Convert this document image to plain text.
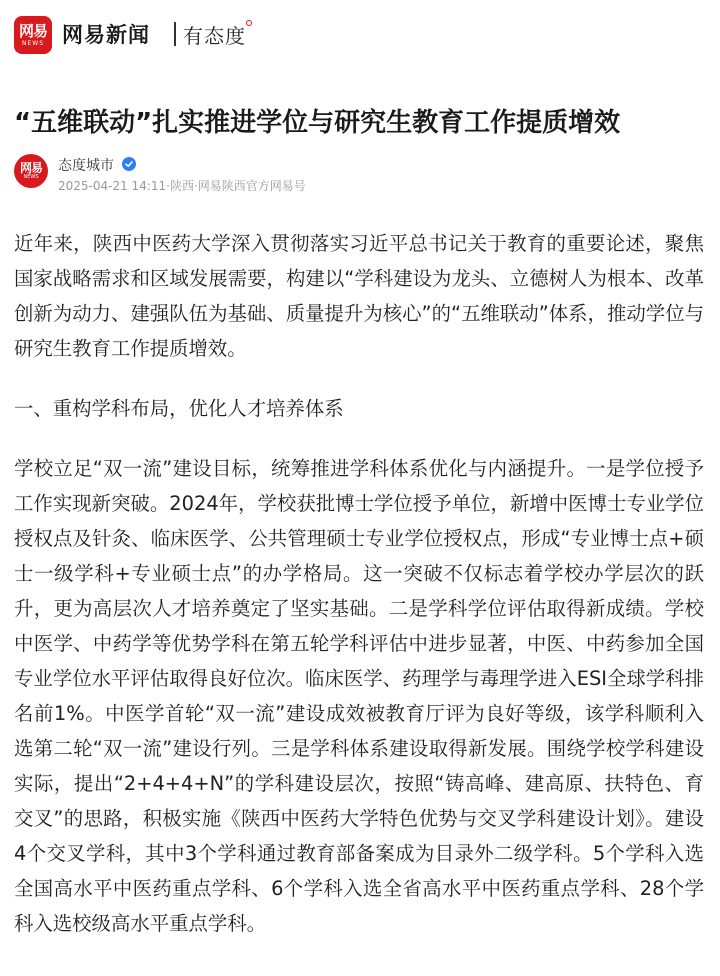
网易
NEWS 网易新闻 有态度
“五维联动”扎实推进学位与研究生教育工作提质增效
网易
NEWS
态度城市
2025-04-21 14:11·陕西·网易陕西官方网易号

近年来，陕西中医药大学深入贯彻落实习近平总书记关于教育的重要论述，聚焦国家战略需求和区域发展需要，构建以“学科建设为龙头、立德树人为根本、改革创新为动力、建强队伍为基础、质量提升为核心”的“五维联动”体系，推动学位与研究生教育工作提质增效。

一、重构学科布局，优化人才培养体系

学校立足“双一流”建设目标，统筹推进学科体系优化与内涵提升。一是学位授予工作实现新突破。2024年，学校获批博士学位授予单位，新增中医博士专业学位授权点及针灸、临床医学、公共管理硕士专业学位授权点，形成“专业博士点+硕士一级学科+专业硕士点”的办学格局。这一突破不仅标志着学校办学层次的跃升，更为高层次人才培养奠定了坚实基础。二是学科学位评估取得新成绩。学校中医学、中药学等优势学科在第五轮学科评估中进步显著，中医、中药参加全国专业学位水平评估取得良好位次。临床医学、药理学与毒理学进入ESI全球学科排名前1%。中医学首轮“双一流”建设成效被教育厅评为良好等级，该学科顺利入选第二轮“双一流”建设行列。三是学科体系建设取得新发展。围绕学校学科建设实际，提出“2+4+4+N”的学科建设层次，按照“铸高峰、建高原、扶特色、育交叉”的思路，积极实施《陕西中医药大学特色优势与交叉学科建设计划》。建设4个交叉学科，其中3个学科通过教育部备案成为目录外二级学科。5个学科入选全国高水平中医药重点学科、6个学科入选全省高水平中医药重点学科、28个学科入选校级高水平重点学科。
